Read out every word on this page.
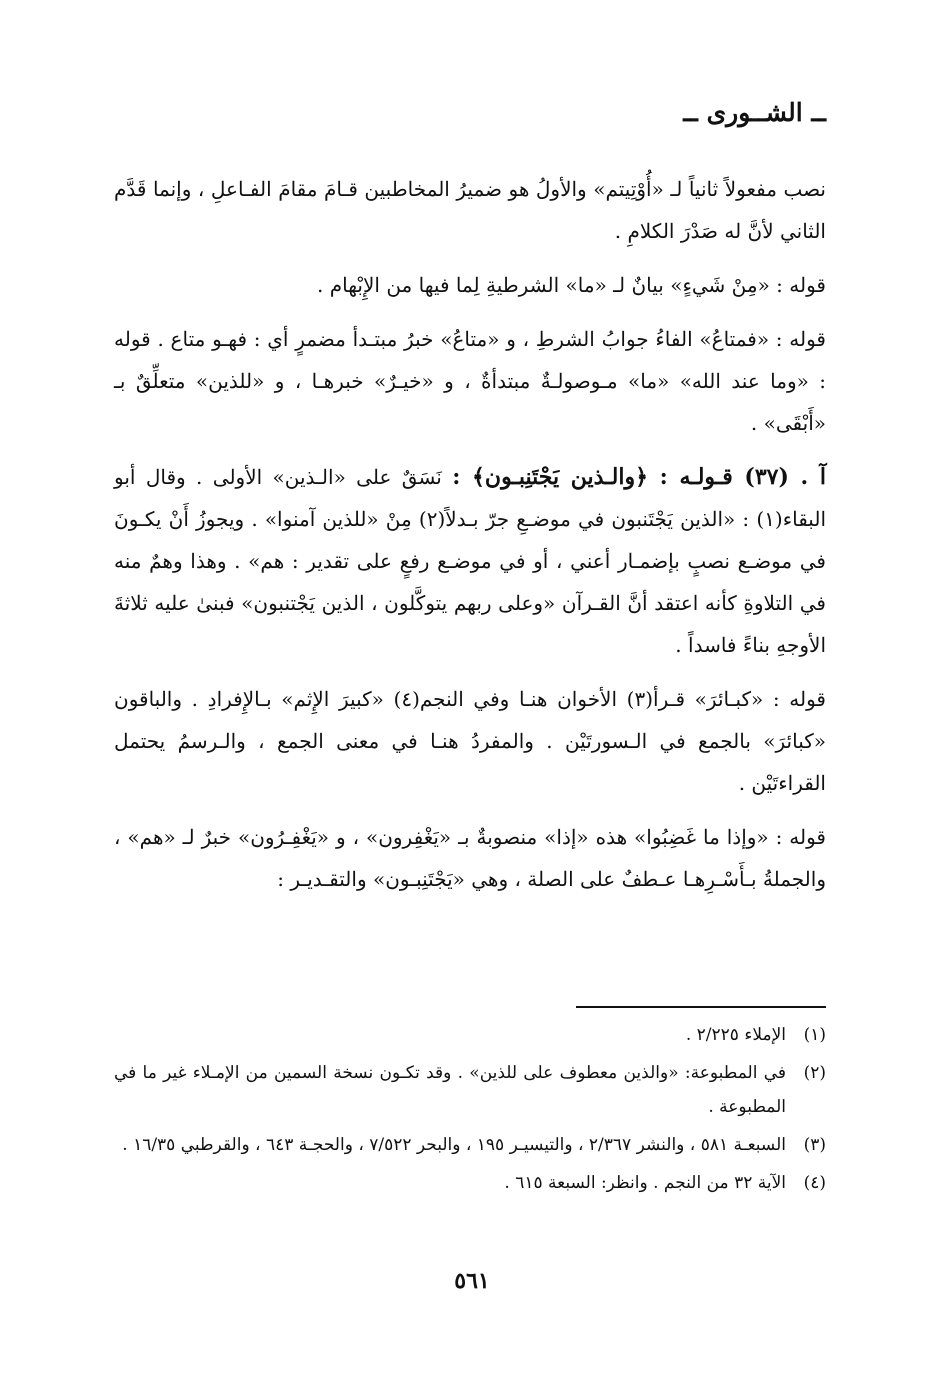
ــ الشــورى ــ

نصب مفعولاً ثانياً لـ «أُوْتِيتم» والأولُ هو ضميرُ المخاطبين قـامَ مقامَ الفـاعلِ ، وإنما قَدَّم الثاني لأنَّ له صَدْرَ الكلامِ .

قوله : «مِنْ شَيءٍ» بيانٌ لـ «ما» الشرطيةِ لِما فيها من الإِبْهام .

قوله : «فمتاعُ» الفاءُ جوابُ الشرطِ ، و «متاعُ» خبرُ مبتـدأ مضمرٍ أي : فهـو متاع . قوله : «وما عند الله» «ما» مـوصولـةٌ مبتدأةٌ ، و «خيـرٌ» خبرهـا ، و «للذين» متعلِّقٌ بـ «أَبْقَى» .

آ . (٣٧) قـولـه : ﴿والـذين يَجْتَنِبـون﴾ : نَسَقٌ على «الـذين» الأولى . وقال أبو البقاء(١) : «الذين يَجْتَنبون في موضـعِ جرّ بـدلاً(٢) مِنْ «للذين آمنوا» . ويجوزُ أَنْ يكـونَ في موضـع نصبٍ بإضمـار أعني ، أو في موضـع رفعٍ على تقدير : هم» . وهذا وهمٌ منه في التلاوةِ كأنه اعتقد أنَّ القـرآن «وعلى ربهم يتوكَّلون ، الذين يَجْتنبون» فبنىٰ عليه ثلاثةَ الأوجهِ بناءً فاسداً .

قوله : «كبـائرَ» قـرأ(٣) الأخوان هنـا وفي النجم(٤) «كبيرَ الإِثم» بـالإِفرادِ . والباقون «كبائرَ» بالجمع في الـسورتَيْن . والمفردُ هنـا في معنى الجمع ، والـرسمُ يحتمل القراءتَيْن .

قوله : «وإذا ما غَضِبُوا» هذه «إذا» منصوبةٌ بـ «يَغْفِرون» ، و «يَغْفِـرُون» خبرٌ لـ «هم» ، والجملةُ بـأَسْـرِهـا عـطفٌ على الصلة ، وهي «يَجْتَنِبـون» والتقـديـر :

(١)
الإملاء ٢/٢٢٥ .
(٢)
في المطبوعة: «والذين معطوف على للذين» . وقد تكـون نسخة السمين من الإمـلاء غير ما في المطبوعة .
(٣)
السبعـة ٥٨١ ، والنشر ٢/٣٦٧ ، والتيسيـر ١٩٥ ، والبحر ٧/٥٢٢ ، والحجـة ٦٤٣ ، والقرطبي ١٦/٣٥ .
(٤)
الآية ٣٢ من النجم . وانظر: السبعة ٦١٥ .
٥٦١
